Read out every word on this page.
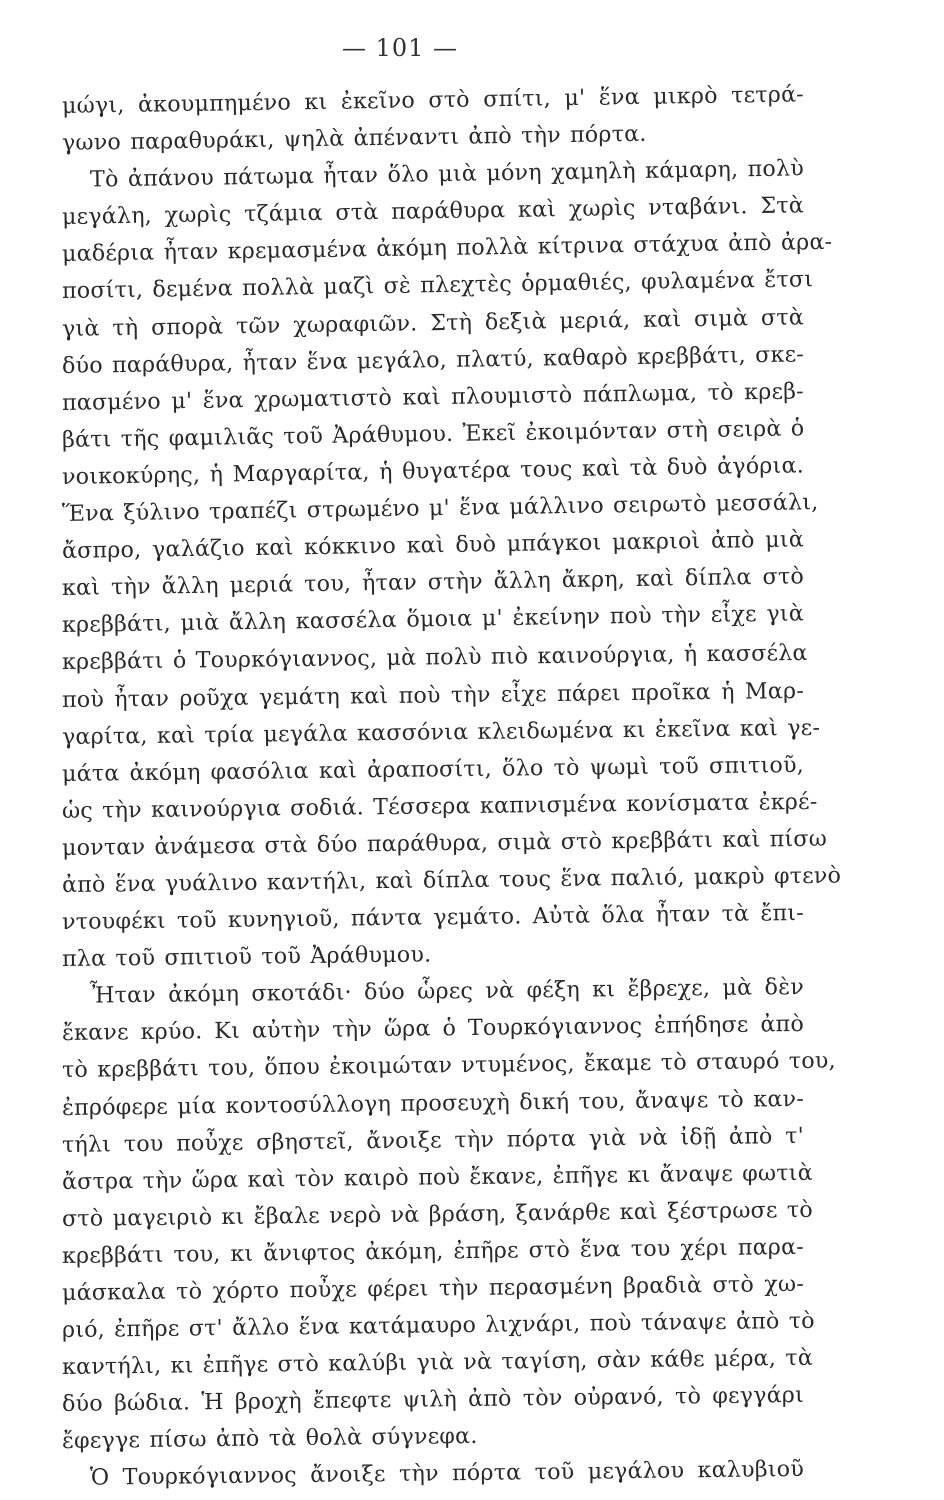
— 101 —
μώγι, ἀκουμπημένο κι ἐκεῖνο στὸ σπίτι, μ' ἕνα μικρὸ τετρά-
γωνο παραθυράκι, ψηλὰ ἀπέναντι ἀπὸ τὴν πόρτα.
Τὸ ἀπάνου πάτωμα ἦταν ὅλο μιὰ μόνη χαμηλὴ κάμαρη, πολὺ
μεγάλη, χωρὶς τζάμια στὰ παράθυρα καὶ χωρὶς νταβάνι. Στὰ
μαδέρια ἦταν κρεμασμένα ἀκόμη πολλὰ κίτρινα στάχυα ἀπὸ ἀρα-
ποσίτι, δεμένα πολλὰ μαζὶ σὲ πλεχτὲς ὁρμαθιές, φυλαμένα ἔτσι
γιὰ τὴ σπορὰ τῶν χωραφιῶν. Στὴ δεξιὰ μεριά, καὶ σιμὰ στὰ
δύο παράθυρα, ἦταν ἕνα μεγάλο, πλατύ, καθαρὸ κρεββάτι, σκε-
πασμένο μ' ἕνα χρωματιστὸ καὶ πλουμιστὸ πάπλωμα, τὸ κρεβ-
βάτι τῆς φαμιλιᾶς τοῦ Ἀράθυμου. Ἐκεῖ ἐκοιμόνταν στὴ σειρὰ ὁ
νοικοκύρης, ἡ Μαργαρίτα, ἡ θυγατέρα τους καὶ τὰ δυὸ ἀγόρια.
Ἕνα ξύλινο τραπέζι στρωμένο μ' ἕνα μάλλινο σειρωτὸ μεσσάλι,
ἄσπρο, γαλάζιο καὶ κόκκινο καὶ δυὸ μπάγκοι μακριοὶ ἀπὸ μιὰ
καὶ τὴν ἄλλη μεριά του, ἦταν στὴν ἄλλη ἄκρη, καὶ δίπλα στὸ
κρεββάτι, μιὰ ἄλλη κασσέλα ὅμοια μ' ἐκείνην ποὺ τὴν εἶχε γιὰ
κρεββάτι ὁ Τουρκόγιαννος, μὰ πολὺ πιὸ καινούργια, ἡ κασσέλα
ποὺ ἦταν ροῦχα γεμάτη καὶ ποὺ τὴν εἶχε πάρει προῖκα ἡ Μαρ-
γαρίτα, καὶ τρία μεγάλα κασσόνια κλειδωμένα κι ἐκεῖνα καὶ γε-
μάτα ἀκόμη φασόλια καὶ ἀραποσίτι, ὅλο τὸ ψωμὶ τοῦ σπιτιοῦ,
ὡς τὴν καινούργια σοδιά. Τέσσερα καπνισμένα κονίσματα ἐκρέ-
μονταν ἀνάμεσα στὰ δύο παράθυρα, σιμὰ στὸ κρεββάτι καὶ πίσω
ἀπὸ ἕνα γυάλινο καντήλι, καὶ δίπλα τους ἕνα παλιό, μακρὺ φτενὸ
ντουφέκι τοῦ κυνηγιοῦ, πάντα γεμάτο. Αὐτὰ ὅλα ἦταν τὰ ἔπι-
πλα τοῦ σπιτιοῦ τοῦ Ἀράθυμου.
Ἦταν ἀκόμη σκοτάδι· δύο ὧρες νὰ φέξη κι ἔβρεχε, μὰ δὲν
ἔκανε κρύο. Κι αὐτὴν τὴν ὥρα ὁ Τουρκόγιαννος ἐπήδησε ἀπὸ
τὸ κρεββάτι του, ὅπου ἐκοιμώταν ντυμένος, ἔκαμε τὸ σταυρό του,
ἐπρόφερε μία κοντοσύλλογη προσευχὴ δική του, ἄναψε τὸ καν-
τήλι του ποὖχε σβηστεῖ, ἄνοιξε τὴν πόρτα γιὰ νὰ ἰδῇ ἀπὸ τ'
ἄστρα τὴν ὥρα καὶ τὸν καιρὸ ποὺ ἔκανε, ἐπῆγε κι ἄναψε φωτιὰ
στὸ μαγειριὸ κι ἔβαλε νερὸ νὰ βράση, ξανάρθε καὶ ξέστρωσε τὸ
κρεββάτι του, κι ἄνιφτος ἀκόμη, ἐπῆρε στὸ ἕνα του χέρι παρα-
μάσκαλα τὸ χόρτο ποὖχε φέρει τὴν περασμένη βραδιὰ στὸ χω-
ριό, ἐπῆρε στ' ἄλλο ἕνα κατάμαυρο λιχνάρι, ποὺ τάναψε ἀπὸ τὸ
καντήλι, κι ἐπῆγε στὸ καλύβι γιὰ νὰ ταγίση, σὰν κάθε μέρα, τὰ
δύο βώδια. Ἡ βροχὴ ἔπεφτε ψιλὴ ἀπὸ τὸν οὐρανό, τὸ φεγγάρι
ἔφεγγε πίσω ἀπὸ τὰ θολὰ σύγνεφα.
Ὁ Τουρκόγιαννος ἄνοιξε τὴν πόρτα τοῦ μεγάλου καλυβιοῦ
